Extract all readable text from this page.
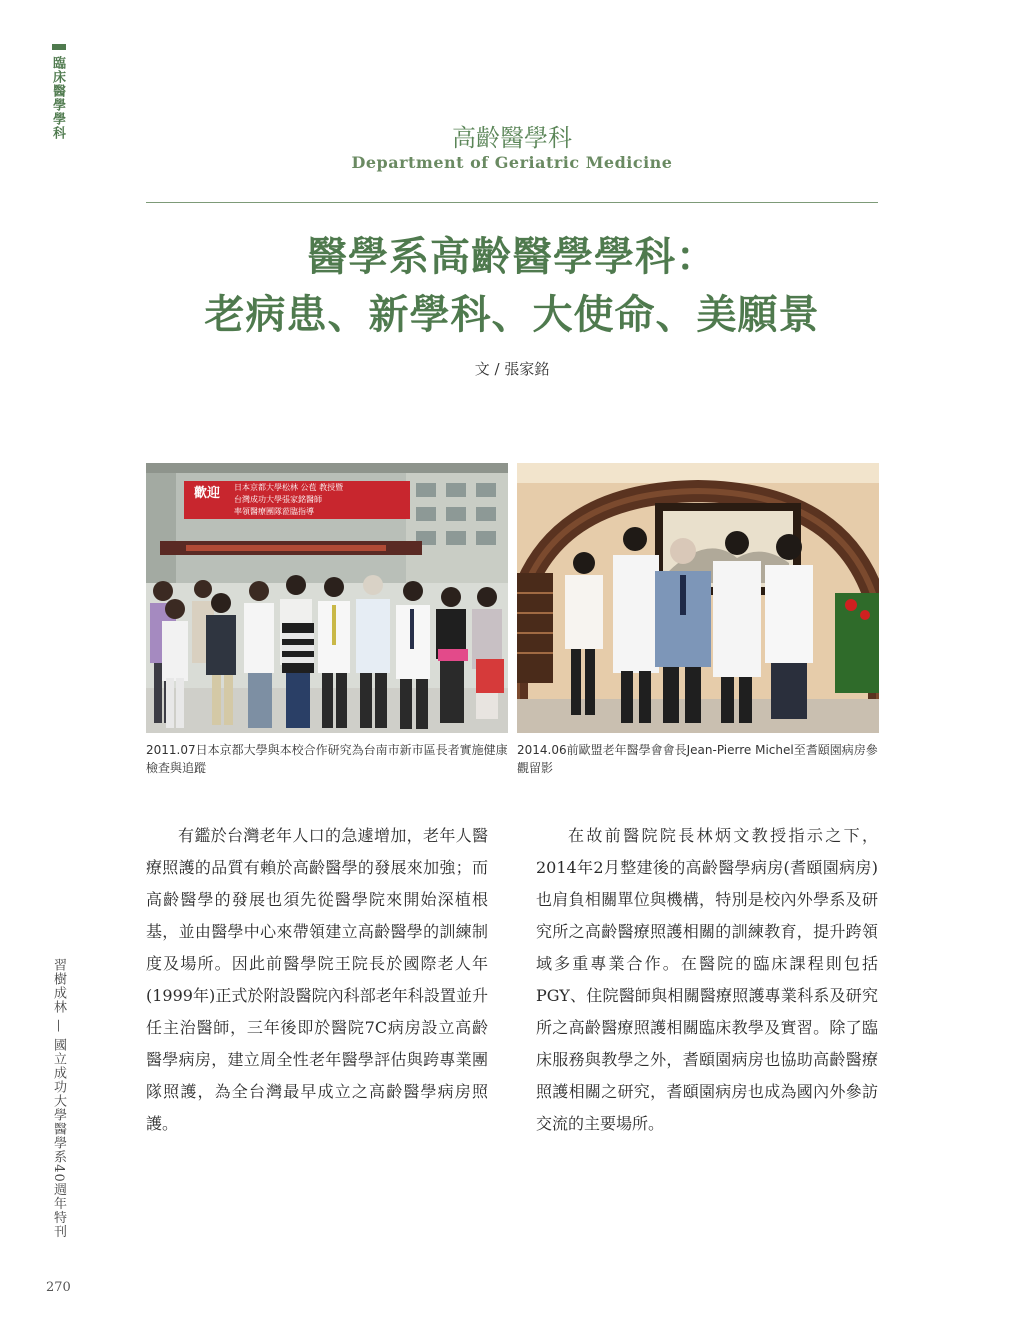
臨床醫學學科
習樹成林 — 國立成功大學醫學系40週年特刊
270
高齡醫學科
Department of Geriatric Medicine
醫學系高齡醫學學科：
老病患、新學科、大使命、美願景
文 / 張家銘
歡迎 日本京都大學松林 公苞 教授暨
台灣成功大學張家銘醫師
率領醫療團隊蒞臨指導
2011.07日本京都大學與本校合作研究為台南市新市區長者實施健康檢查與追蹤
2014.06前歐盟老年醫學會會長Jean-Pierre Michel至耆頤園病房參觀留影
有鑑於台灣老年人口的急遽增加，老年人醫療照護的品質有賴於高齡醫學的發展來加強；而高齡醫學的發展也須先從醫學院來開始深植根基，並由醫學中心來帶領建立高齡醫學的訓練制度及場所。因此前醫學院王院長於國際老人年(1999年)正式於附設醫院內科部老年科設置並升任主治醫師，三年後即於醫院7C病房設立高齡醫學病房，建立周全性老年醫學評估與跨專業團隊照護，為全台灣最早成立之高齡醫學病房照護。
在故前醫院院長林炳文教授指示之下，2014年2月整建後的高齡醫學病房(耆頤園病房)也肩負相關單位與機構，特別是校內外學系及研究所之高齡醫療照護相關的訓練教育，提升跨領域多重專業合作。在醫院的臨床課程則包括PGY、住院醫師與相關醫療照護專業科系及研究所之高齡醫療照護相關臨床教學及實習。除了臨床服務與教學之外，耆頤園病房也協助高齡醫療照護相關之研究，耆頤園病房也成為國內外參訪交流的主要場所。
